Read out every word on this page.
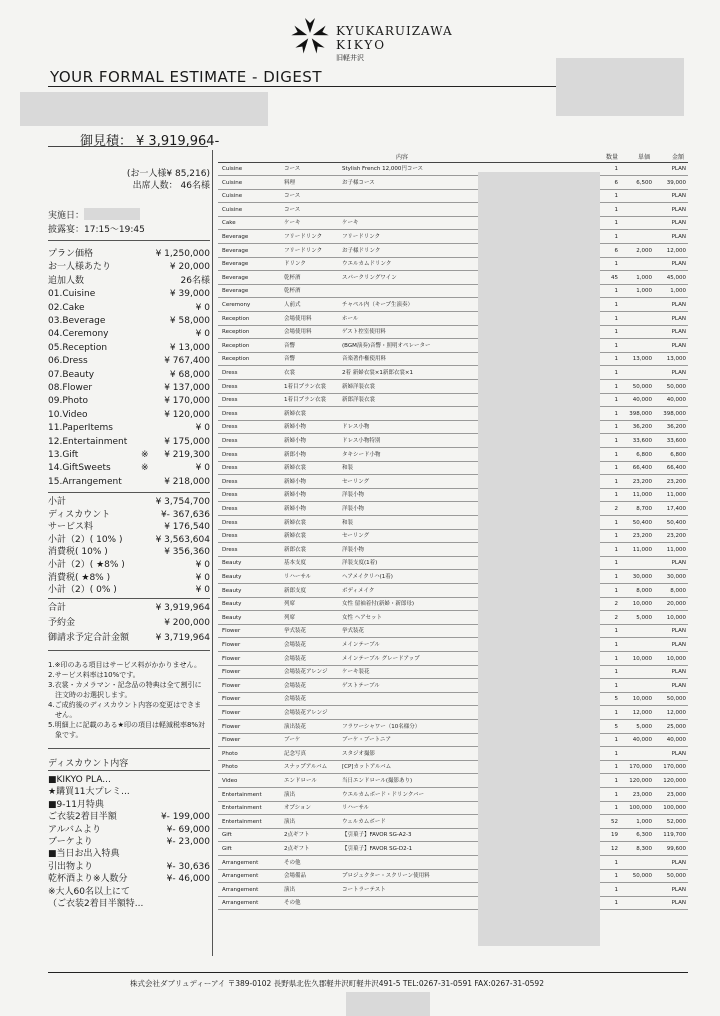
KYUKARUIZAWA
KIKYO
旧軽井沢
YOUR FORMAL ESTIMATE - DIGEST
御見積： ¥ 3,919,964-
(お一人様¥ 85,216)
出席人数： 46名様
実施日：
披露宴：17:15～19:45
プラン価格	¥ 1,250,000
お一人様あたり	¥ 20,000
追加人数	26名様
01.Cuisine	¥ 39,000
02.Cake	¥ 0
03.Beverage	¥ 58,000
04.Ceremony	¥ 0
05.Reception	¥ 13,000
06.Dress	¥ 767,400
07.Beauty	¥ 68,000
08.Flower	¥ 137,000
09.Photo	¥ 170,000
10.Video	¥ 120,000
11.PaperItems	¥ 0
12.Entertainment	¥ 175,000
13.Gift	※ ¥ 219,300
14.GiftSweets	※	¥ 0
15.Arrangement	¥ 218,000
小計	¥ 3,754,700
ディスカウント	¥- 367,636
サービス料	¥ 176,540
小計（2）( 10% )	¥ 3,563,604
消費税( 10% )	¥ 356,360
小計（2）( ★8% )	¥ 0
消費税( ★8% )	¥ 0
小計（2）( 0% )	¥ 0
合計	¥ 3,919,964
予約金	¥ 200,000
御請求予定合計金額	¥ 3,719,964
1.※印のある項目はサービス料がかかりません。
2.サービス料率は10%です。
3.衣裳・カメラマン・記念品の特典は全て割引に
　注文時のお選択します。
4.ご成約後のディスカウント内容の変更はできま
　せん。
5.明細上に記載のある★印の項目は軽減税率8%対
　象です。
ディスカウント内容
■KIKYO PLA...
★購買11大プレミ...
■9-11月特典
ご衣装2着目半額	¥- 199,000
アルバムより	¥- 69,000
ブーケより	¥- 23,000
■当日お出入特典
引出物より	¥- 30,636
乾杯酒より※人数分	¥- 46,000
※大人60名以上にて
（ご衣装2着目半額特...
内容	数量	単価	金額
Cuisine	コース	Stylish French 12,000円コース	1	PLAN
Cuisine	料理	お子様コース	6	6,500	39,000
Cuisine	コース	1	PLAN
Cuisine	コース	1	PLAN
Cake	ケーキ	ケーキ	1	PLAN
Beverage	フリードリンク	フリードリンク	1	PLAN
Beverage	フリードリンク	お子様ドリンク	6	2,000	12,000
Beverage	ドリンク	ウエルカムドリンク	1	PLAN
Beverage	乾杯酒	スパークリングワイン	45	1,000	45,000
Beverage	乾杯酒	1	1,000	1,000
Ceremony	人前式	チャペル内（キープ生演奏）	1	PLAN
Reception	会場使用料	ホール	1	PLAN
Reception	会場使用料	ゲスト控室使用料	1	PLAN
Reception	音響	(BGM演奏)音響・照明オペレーター	1	PLAN
Reception	音響	音楽著作権使用料	1	13,000	13,000
Dress	衣裳	2着 新婦衣裳×1新郎衣裳×1	1	PLAN
Dress	1着目プラン衣裳	新婦洋装衣裳	1	50,000	50,000
Dress	1着目プラン衣裳	新郎洋装衣裳	1	40,000	40,000
Dress	新婦衣裳	1 398,000 398,000
Dress	新婦小物	ドレス小物	1	36,200	36,200
Dress	新婦小物	ドレス小物特別	1	33,600	33,600
Dress	新郎小物	タキシード小物	1	6,800	6,800
Dress	新婦衣裳	和装	1	66,400	66,400
Dress	新婦小物	セーリング	1	23,200	23,200
Dress	新婦小物	洋装小物	1	11,000	11,000
Dress	新婦小物	洋装小物	2	8,700	17,400
Dress	新婦衣裳	和装	1	50,400	50,400
Dress	新婦衣裳	セーリング	1	23,200	23,200
Dress	新郎衣裳	洋装小物	1	11,000	11,000
Beauty	基本支度	洋装支度(1着)	1	PLAN
Beauty	リハーサル	ヘアメイクリハ(1着)	1	30,000	30,000
Beauty	新郎支度	ボディメイク	1	8,000	8,000
Beauty	列席	女性 留袖着付(新婦・新郎母)	2	10,000	20,000
Beauty	列席	女性 ヘアセット	2	5,000	10,000
Flower	挙式装花	挙式装花	1	PLAN
Flower	会場装花	メインテーブル	1	PLAN
Flower	会場装花	メインテーブル グレードアップ	1	10,000	10,000
Flower	会場装花アレンジ	ケーキ装花	1	PLAN
Flower	会場装花	ゲストテーブル	1	PLAN
Flower	会場装花	5	10,000	50,000
Flower	会場装花アレンジ	1	12,000	12,000
Flower	演出装花	フラワーシャワー（10名様分）	5	5,000	25,000
Flower	ブーケ	ブーケ・ブートニア	1	40,000	40,000
Photo	記念写真	スタジオ撮影	1	PLAN
Photo	スナップアルバム	[CP]カットアルバム	1 170,000 170,000
Video	エンドロール	当日エンドロール(撮影あり)	1 120,000 120,000
Entertainment	演出	ウエルカムボード・ドリンクバー	1	23,000	23,000
Entertainment	オプション	リハーサル	1 100,000 100,000
Entertainment	演出	ウェルカムボード	52	1,000	52,000
Gift	2点ギフト	【引菓子】FAVOR SG-A2-3	19	6,300 119,700
Gift	2点ギフト	【引菓子】FAVOR SG-D2-1	12	8,300	99,600
Arrangement	その他	1	PLAN
Arrangement	会場備品	プロジェクター・スクリーン使用料	1	50,000	50,000
Arrangement	演出	コートラーテスト	1	PLAN
Arrangement	その他	1	PLAN
株式会社ダブリュディーアイ 〒389-0102 長野県北佐久郡軽井沢町軽井沢491-5 TEL:0267-31-0591 FAX:0267-31-0592
